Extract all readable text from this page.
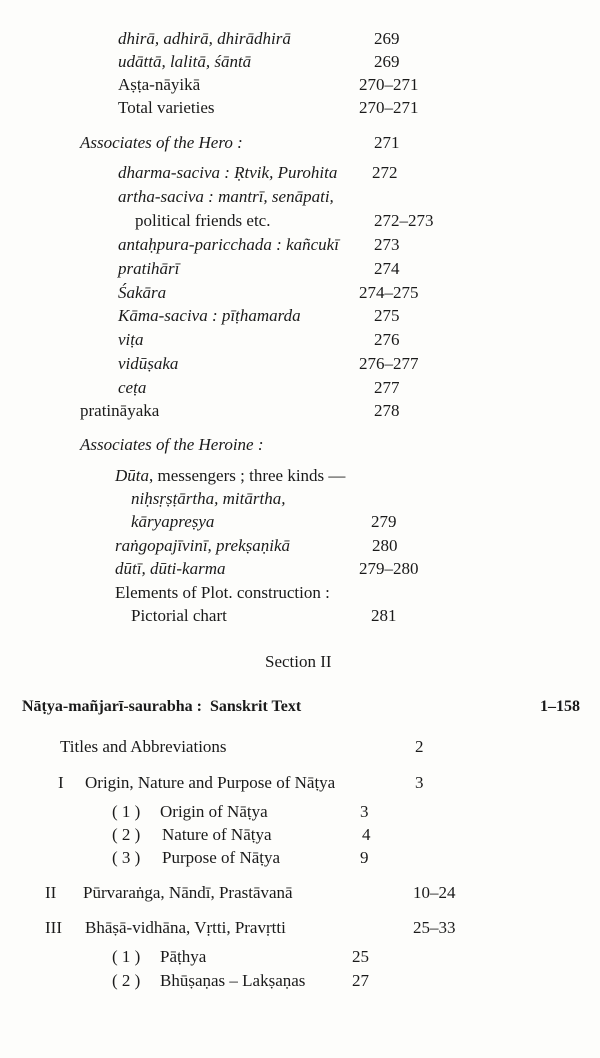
dhirā, adhirā, dhirādhirā	269
udāttā, lalitā, śāntā	269
Aṣṭa-nāyikā	270–271
Total varieties	270–271
Associates of the Hero :	271
dharma-saciva : Ṛtvik, Purohita 272
artha-saciva : mantrī, senāpati,
political friends etc.	272–273
antaḥpura-paricchada : kañcukī 273
pratihārī	274
Śakāra	274–275
Kāma-saciva : pīṭhamarda	275
viṭa	276
vidūṣaka	276–277
ceṭa	277
pratināyaka	278
Associates of the Heroine :
Dūta, messengers ; three kinds —
niḥsṛṣṭārtha, mitārtha,
kāryapreṣya	279
raṅgopajīvinī, prekṣaṇikā	280
dūtī, dūti-karma	279–280
Elements of Plot. construction :
Pictorial chart	281
Section II
Nāṭya-mañjarī-saurabha : Sanskrit Text	1–158
Titles and Abbreviations	2
I Origin, Nature and Purpose of Nāṭya	3
( 1 ) Origin of Nāṭya	3
( 2 ) Nature of Nāṭya	4
( 3 ) Purpose of Nāṭya	9
II Pūrvaraṅga, Nāndī, Prastāvanā	10–24
III Bhāṣā-vidhāna, Vṛtti, Pravṛtti	25–33
( 1 ) Pāṭhya	25
( 2 ) Bhūṣaṇas – Lakṣaṇas	27
